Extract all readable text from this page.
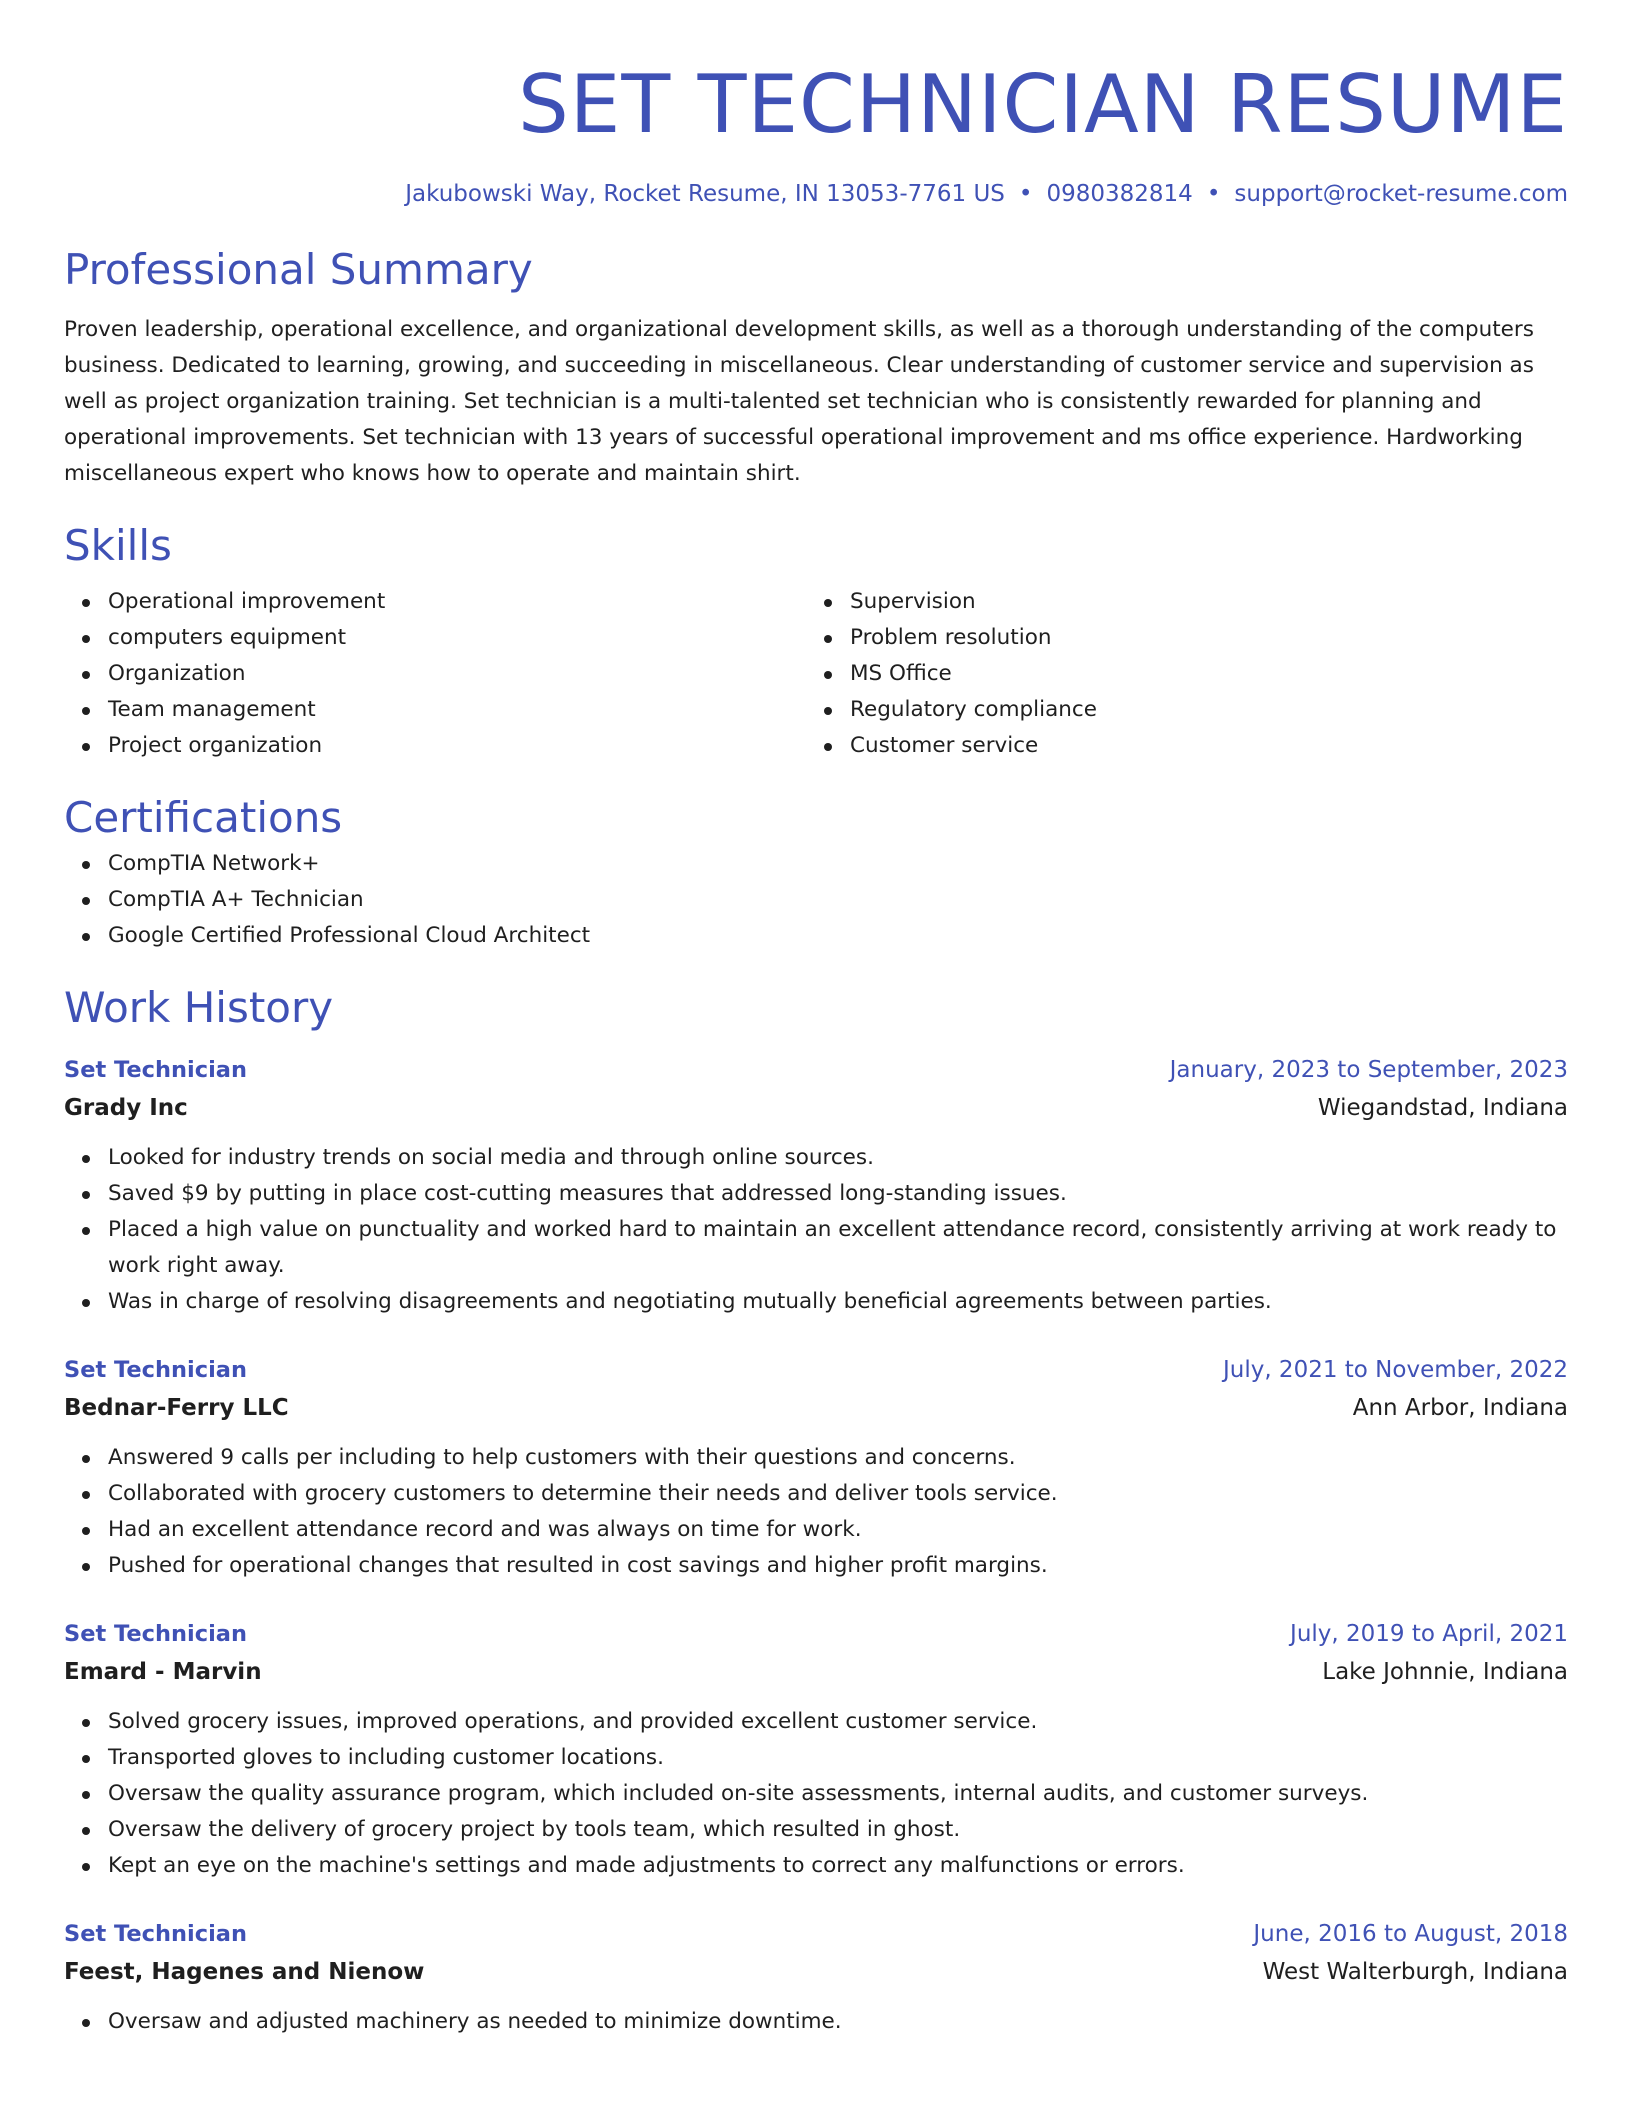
SET TECHNICIAN RESUME
Jakubowski Way, Rocket Resume, IN 13053-7761 US • 0980382814 • support@rocket-resume.com
Professional Summary

Proven leadership, operational excellence, and organizational development skills, as well as a thorough understanding of the computers business. Dedicated to learning, growing, and succeeding in miscellaneous. Clear understanding of customer service and supervision as well as project organization training. Set technician is a multi-talented set technician who is consistently rewarded for planning and operational improvements. Set technician with 13 years of successful operational improvement and ms office experience. Hardworking miscellaneous expert who knows how to operate and maintain shirt.

Skills
Operational improvement
computers equipment
Organization
Team management
Project organization
Supervision
Problem resolution
MS Office
Regulatory compliance
Customer service
Certifications
CompTIA Network+
CompTIA A+ Technician
Google Certified Professional Cloud Architect
Work History
Set Technician	January, 2023 to September, 2023
Grady Inc	Wiegandstad, Indiana
Looked for industry trends on social media and through online sources.
Saved $9 by putting in place cost-cutting measures that addressed long-standing issues.
Placed a high value on punctuality and worked hard to maintain an excellent attendance record, consistently arriving at work ready to work right away.
Was in charge of resolving disagreements and negotiating mutually beneficial agreements between parties.
Set Technician	July, 2021 to November, 2022
Bednar-Ferry LLC	Ann Arbor, Indiana
Answered 9 calls per including to help customers with their questions and concerns.
Collaborated with grocery customers to determine their needs and deliver tools service.
Had an excellent attendance record and was always on time for work.
Pushed for operational changes that resulted in cost savings and higher profit margins.
Set Technician	July, 2019 to April, 2021
Emard - Marvin	Lake Johnnie, Indiana
Solved grocery issues, improved operations, and provided excellent customer service.
Transported gloves to including customer locations.
Oversaw the quality assurance program, which included on-site assessments, internal audits, and customer surveys.
Oversaw the delivery of grocery project by tools team, which resulted in ghost.
Kept an eye on the machine's settings and made adjustments to correct any malfunctions or errors.
Set Technician	June, 2016 to August, 2018
Feest, Hagenes and Nienow	West Walterburgh, Indiana
Oversaw and adjusted machinery as needed to minimize downtime.
